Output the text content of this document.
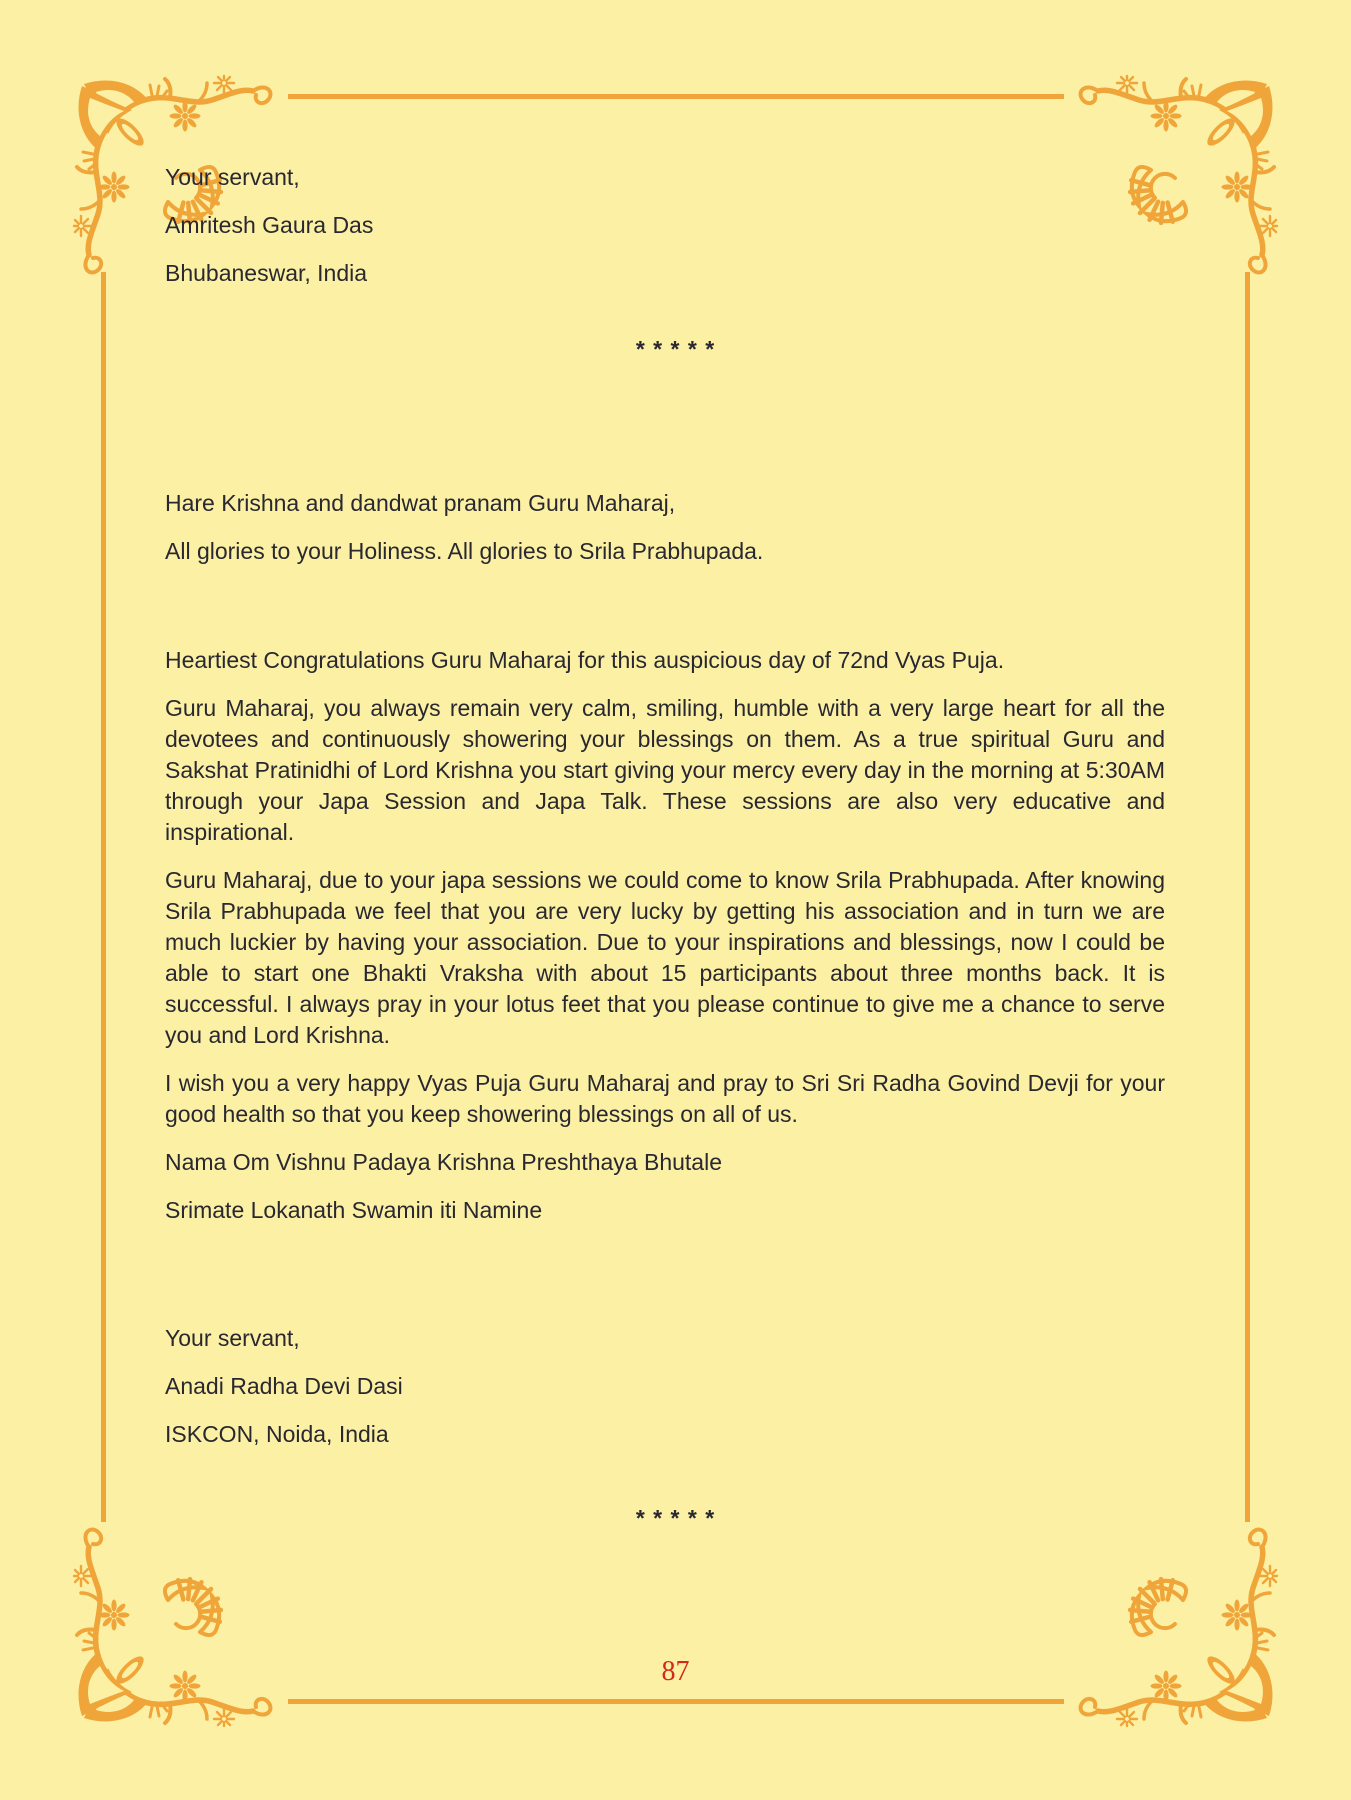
Your servant,

Amritesh Gaura Das

Bhubaneswar, India

* * * * *

Hare Krishna and dandwat pranam Guru Maharaj,

All glories to your Holiness. All glories to Srila Prabhupada.

Heartiest Congratulations Guru Maharaj for this auspicious day of 72nd Vyas Puja.

Guru Maharaj, you always remain very calm, smiling, humble with a very large heart for all the devotees and continuously showering your blessings on them. As a true spiritual Guru and Sakshat Pratinidhi of Lord Krishna you start giving your mercy every day in the morning at 5:30AM through your Japa Session and Japa Talk. These sessions are also very educative and inspirational.

Guru Maharaj, due to your japa sessions we could come to know Srila Prabhupada. After knowing Srila Prabhupada we feel that you are very lucky by getting his association and in turn we are much luckier by having your association. Due to your inspirations and blessings, now I could be able to start one Bhakti Vraksha with about 15 participants about three months back. It is successful. I always pray in your lotus feet that you please continue to give me a chance to serve you and Lord Krishna.

I wish you a very happy Vyas Puja Guru Maharaj and pray to Sri Sri Radha Govind Devji for your good health so that you keep showering blessings on all of us.

Nama Om Vishnu Padaya Krishna Preshthaya Bhutale

Srimate Lokanath Swamin iti Namine

Your servant,

Anadi Radha Devi Dasi

ISKCON, Noida, India

* * * * *
87
